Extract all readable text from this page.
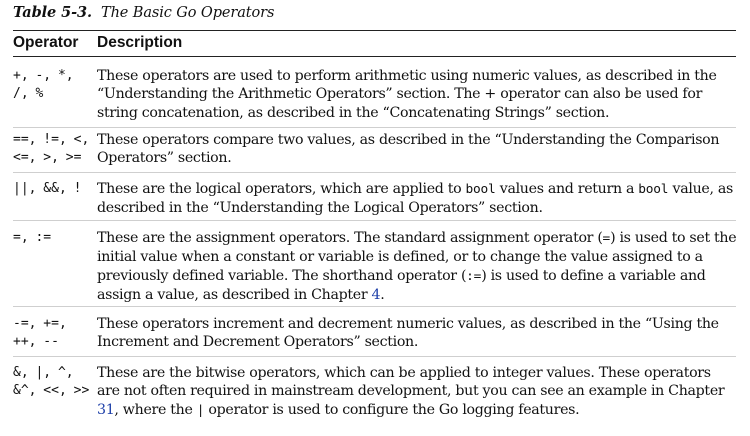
Table 5-3. The Basic Go Operators
Operator Description
+, -, *, /, %
These operators are used to perform arithmetic using numeric values, as described in the “Understanding the Arithmetic Operators” section. The + operator can also be used for string concatenation, as described in the “Concatenating Strings” section.
==, !=, <, <=, >, >=
These operators compare two values, as described in the “Understanding the Comparison Operators” section.
||, &&, !	These are the logical operators, which are applied to bool values and return a bool value, as described in the “Understanding the Logical Operators” section.
=, :=	These are the assignment operators. The standard assignment operator (=) is used to set the initial value when a constant or variable is defined, or to change the value assigned to a previously defined variable. The shorthand operator (:=) is used to define a variable and assign a value, as described in Chapter 4.
-=, +=, ++, --
These operators increment and decrement numeric values, as described in the “Using the Increment and Decrement Operators” section.
&, |, ^, &^, <<, >>
These are the bitwise operators, which can be applied to integer values. These operators are not often required in mainstream development, but you can see an example in Chapter 31, where the | operator is used to configure the Go logging features.
